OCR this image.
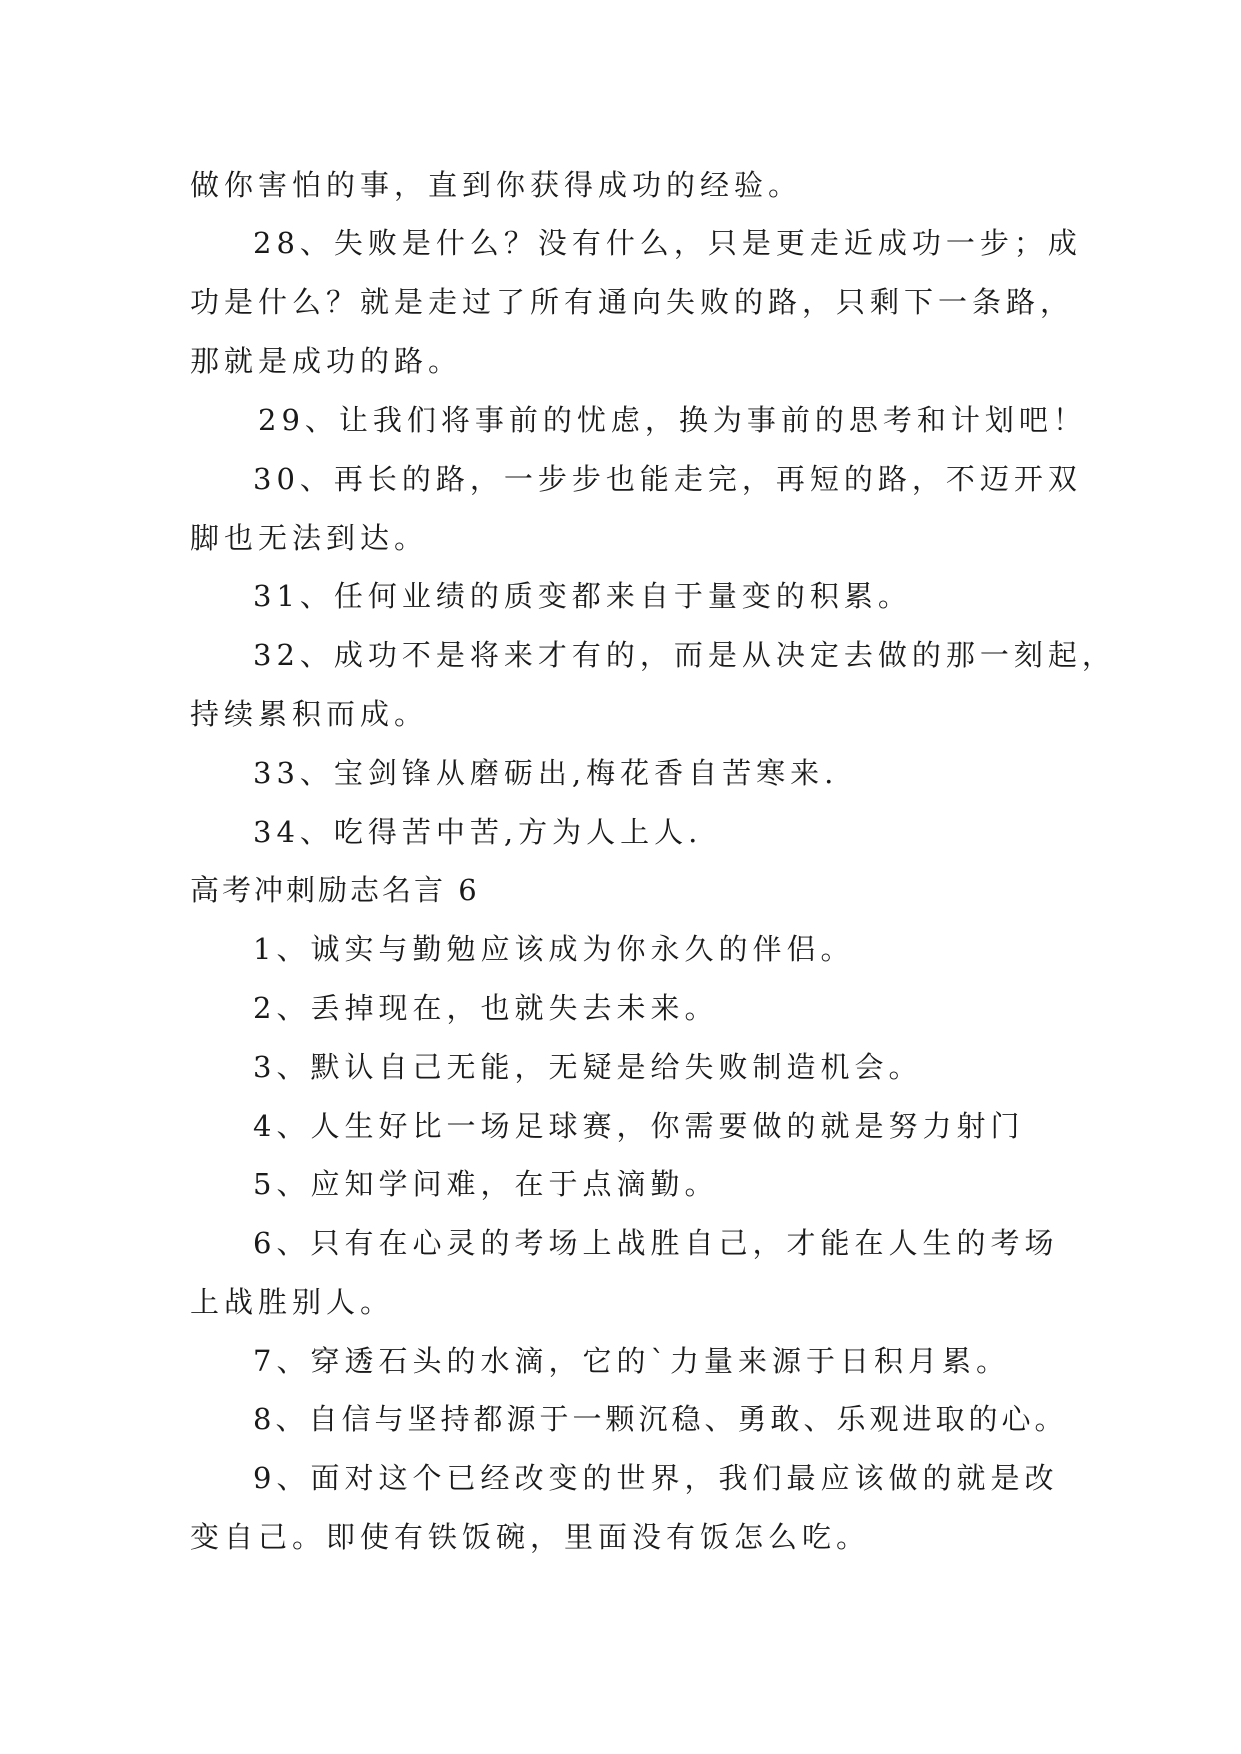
做你害怕的事，直到你获得成功的经验。
28、失败是什么？没有什么，只是更走近成功一步；成
功是什么？就是走过了所有通向失败的路，只剩下一条路，
那就是成功的路。
29、让我们将事前的忧虑，换为事前的思考和计划吧！
30、再长的路，一步步也能走完，再短的路，不迈开双
脚也无法到达。
31、任何业绩的质变都来自于量变的积累。
32、成功不是将来才有的，而是从决定去做的那一刻起，
持续累积而成。
33、宝剑锋从磨砺出,梅花香自苦寒来.
34、吃得苦中苦,方为人上人.
高考冲刺励志名言 6
1、诚实与勤勉应该成为你永久的伴侣。
2、丢掉现在，也就失去未来。
3、默认自己无能，无疑是给失败制造机会。
4、人生好比一场足球赛，你需要做的就是努力射门
5、应知学问难，在于点滴勤。
6、只有在心灵的考场上战胜自己，才能在人生的考场
上战胜别人。
7、穿透石头的水滴，它的`力量来源于日积月累。
8、自信与坚持都源于一颗沉稳、勇敢、乐观进取的心。
9、面对这个已经改变的世界，我们最应该做的就是改
变自己。即使有铁饭碗，里面没有饭怎么吃。
